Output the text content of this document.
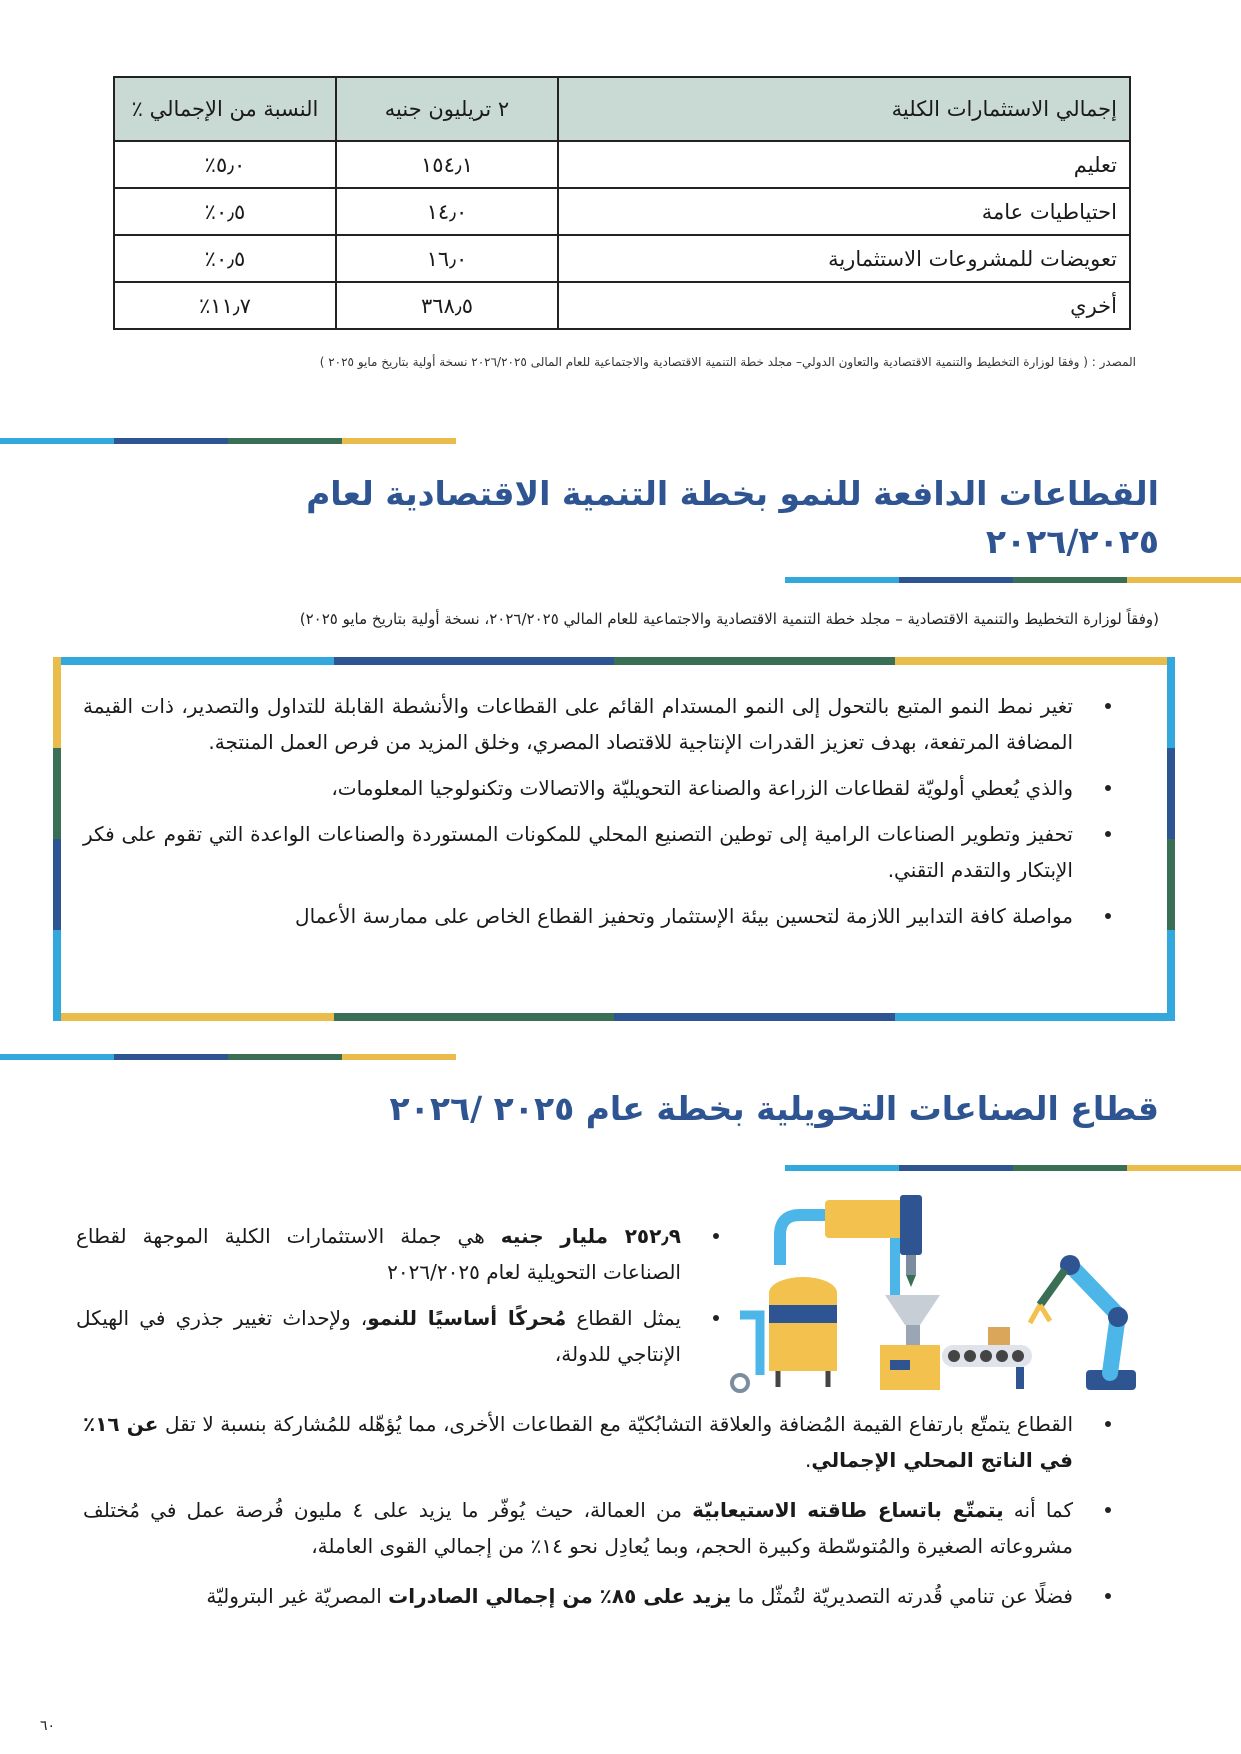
إجمالي الاستثمارات الكلية	٢ تريليون جنيه	النسبة من الإجمالي ٪
تعليم	١٥٤٫١	٥٫٠٪
احتياطيات عامة	١٤٫٠	٠٫٥٪
تعويضات للمشروعات الاستثمارية	١٦٫٠	٠٫٥٪
أخري	٣٦٨٫٥	١١٫٧٪
المصدر : ( وفقا لوزارة التخطيط والتنمية الاقتصادية والتعاون الدولي– مجلد خطة التنمية الاقتصادية والاجتماعية للعام المالى ٢٠٢٦/٢٠٢٥ نسخة أولية بتاريخ مايو ٢٠٢٥ )
القطاعات الدافعة للنمو بخطة التنمية الاقتصادية لعام ٢٠٢٦/٢٠٢٥
(وفقاً لوزارة التخطيط والتنمية الاقتصادية – مجلد خطة التنمية الاقتصادية والاجتماعية للعام المالي ٢٠٢٦/٢٠٢٥، نسخة أولية بتاريخ مايو ٢٠٢٥)
تغير نمط النمو المتبع بالتحول إلى النمو المستدام القائم على القطاعات والأنشطة القابلة للتداول والتصدير، ذات القيمة المضافة المرتفعة، بهدف تعزيز القدرات الإنتاجية للاقتصاد المصري، وخلق المزيد من فرص العمل المنتجة.
والذي يُعطي أولويّة لقطاعات الزراعة والصناعة التحويليّة والاتصالات وتكنولوجيا المعلومات،
تحفيز وتطوير الصناعات الرامية إلى توطين التصنيع المحلي للمكونات المستوردة والصناعات الواعدة التي تقوم على فكر الإبتكار والتقدم التقني.
مواصلة كافة التدابير اللازمة لتحسين بيئة الإستثمار وتحفيز القطاع الخاص على ممارسة الأعمال
قطاع الصناعات التحويلية بخطة عام ٢٠٢٥ /٢٠٢٦
٢٥٢٫٩ مليار جنيه هي جملة الاستثمارات الكلية الموجهة لقطاع الصناعات التحويلية لعام ٢٠٢٦/٢٠٢٥
يمثل القطاع مُحركًا أساسيًا للنمو، ولإحداث تغيير جذري في الهيكل الإنتاجي للدولة،
القطاع يتمتّع بارتفاع القيمة المُضافة والعلاقة التشابُكيّة مع القطاعات الأخرى، مما يُؤهّله للمُشاركة بنسبة لا تقل عن ١٦٪ في الناتج المحلي الإجمالي.
كما أنه يتمتّع باتساع طاقته الاستيعابيّة من العمالة، حيث يُوفّر ما يزيد على ٤ مليون فُرصة عمل في مُختلف مشروعاته الصغيرة والمُتوسّطة وكبيرة الحجم، وبما يُعادِل نحو ١٤٪ من إجمالي القوى العاملة،
فضلًا عن تنامي قُدرته التصديريّة لتُمثّل ما يزيد على ٨٥٪ من إجمالي الصادرات المصريّة غير البتروليّة
٦٠
